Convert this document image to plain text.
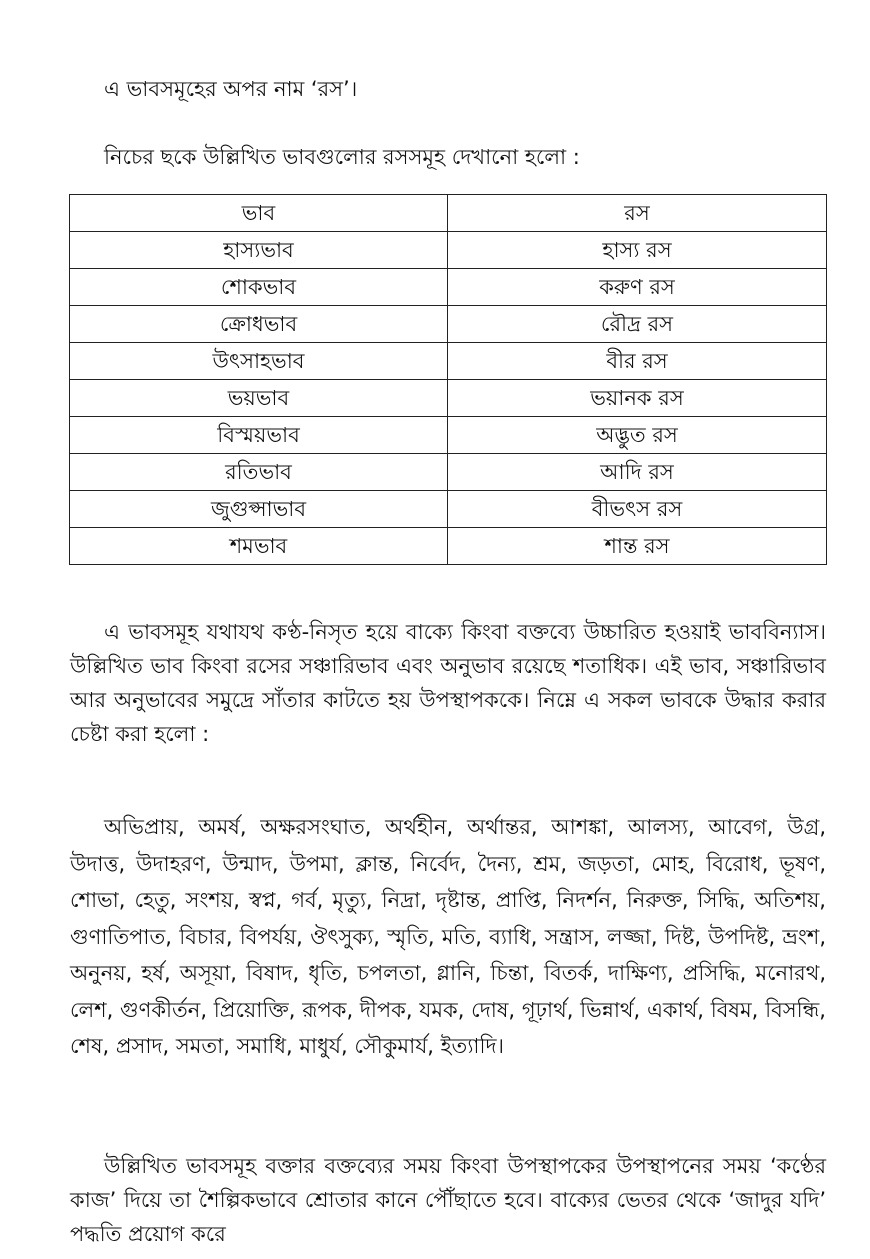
এ ভাবসমূহের অপর নাম ‘রস’।
নিচের ছকে উল্লিখিত ভাবগুলোর রসসমূহ দেখানো হলো :
ভাব	রস
হাস্যভাব	হাস্য রস
শোকভাব	করুণ রস
ক্রোধভাব	রৌদ্র রস
উৎসাহভাব	বীর রস
ভয়ভাব	ভয়ানক রস
বিস্ময়ভাব	অদ্ভুত রস
রতিভাব	আদি রস
জুগুপ্সাভাব	বীভৎস রস
শমভাব	শান্ত রস

এ ভাবসমূহ যথাযথ কণ্ঠ-নিসৃত হয়ে বাক্যে কিংবা বক্তব্যে উচ্চারিত হওয়াই ভাববিন্যাস। উল্লিখিত ভাব কিংবা রসের সঞ্চারিভাব এবং অনুভাব রয়েছে শতাধিক। এই ভাব, সঞ্চারিভাব আর অনুভাবের সমুদ্রে সাঁতার কাটতে হয় উপস্থাপককে। নিম্নে এ সকল ভাবকে উদ্ধার করার চেষ্টা করা হলো :

অভিপ্রায়, অমর্ষ, অক্ষরসংঘাত, অর্থহীন, অর্থান্তর, আশঙ্কা, আলস্য, আবেগ, উগ্র, উদাত্ত, উদাহরণ, উন্মাদ, উপমা, ক্লান্ত, নির্বেদ, দৈন্য, শ্রম, জড়তা, মোহ, বিরোধ, ভূষণ, শোভা, হেতু, সংশয়, স্বপ্ন, গর্ব, মৃত্যু, নিদ্রা, দৃষ্টান্ত, প্রাপ্তি, নিদর্শন, নিরুক্ত, সিদ্ধি, অতিশয়, গুণাতিপাত, বিচার, বিপর্যয়, ঔৎসুক্য, স্মৃতি, মতি, ব্যাধি, সন্ত্রাস, লজ্জা, দিষ্ট, উপদিষ্ট, ভ্রংশ, অনুনয়, হর্ষ, অসূয়া, বিষাদ, ধৃতি, চপলতা, গ্লানি, চিন্তা, বিতর্ক, দাক্ষিণ্য, প্রসিদ্ধি, মনোরথ, লেশ, গুণকীর্তন, প্রিয়োক্তি, রূপক, দীপক, যমক, দোষ, গূঢ়ার্থ, ভিন্নার্থ, একার্থ, বিষম, বিসন্ধি, শেষ, প্রসাদ, সমতা, সমাধি, মাধুর্য, সৌকুমার্য, ইত্যাদি।

উল্লিখিত ভাবসমূহ বক্তার বক্তব্যের সময় কিংবা উপস্থাপকের উপস্থাপনের সময় ‘কণ্ঠের কাজ’ দিয়ে তা শৈল্পিকভাবে শ্রোতার কানে পৌঁছাতে হবে। বাক্যের ভেতর থেকে ‘জাদুর যদি’ পদ্ধতি প্রয়োগ করে
